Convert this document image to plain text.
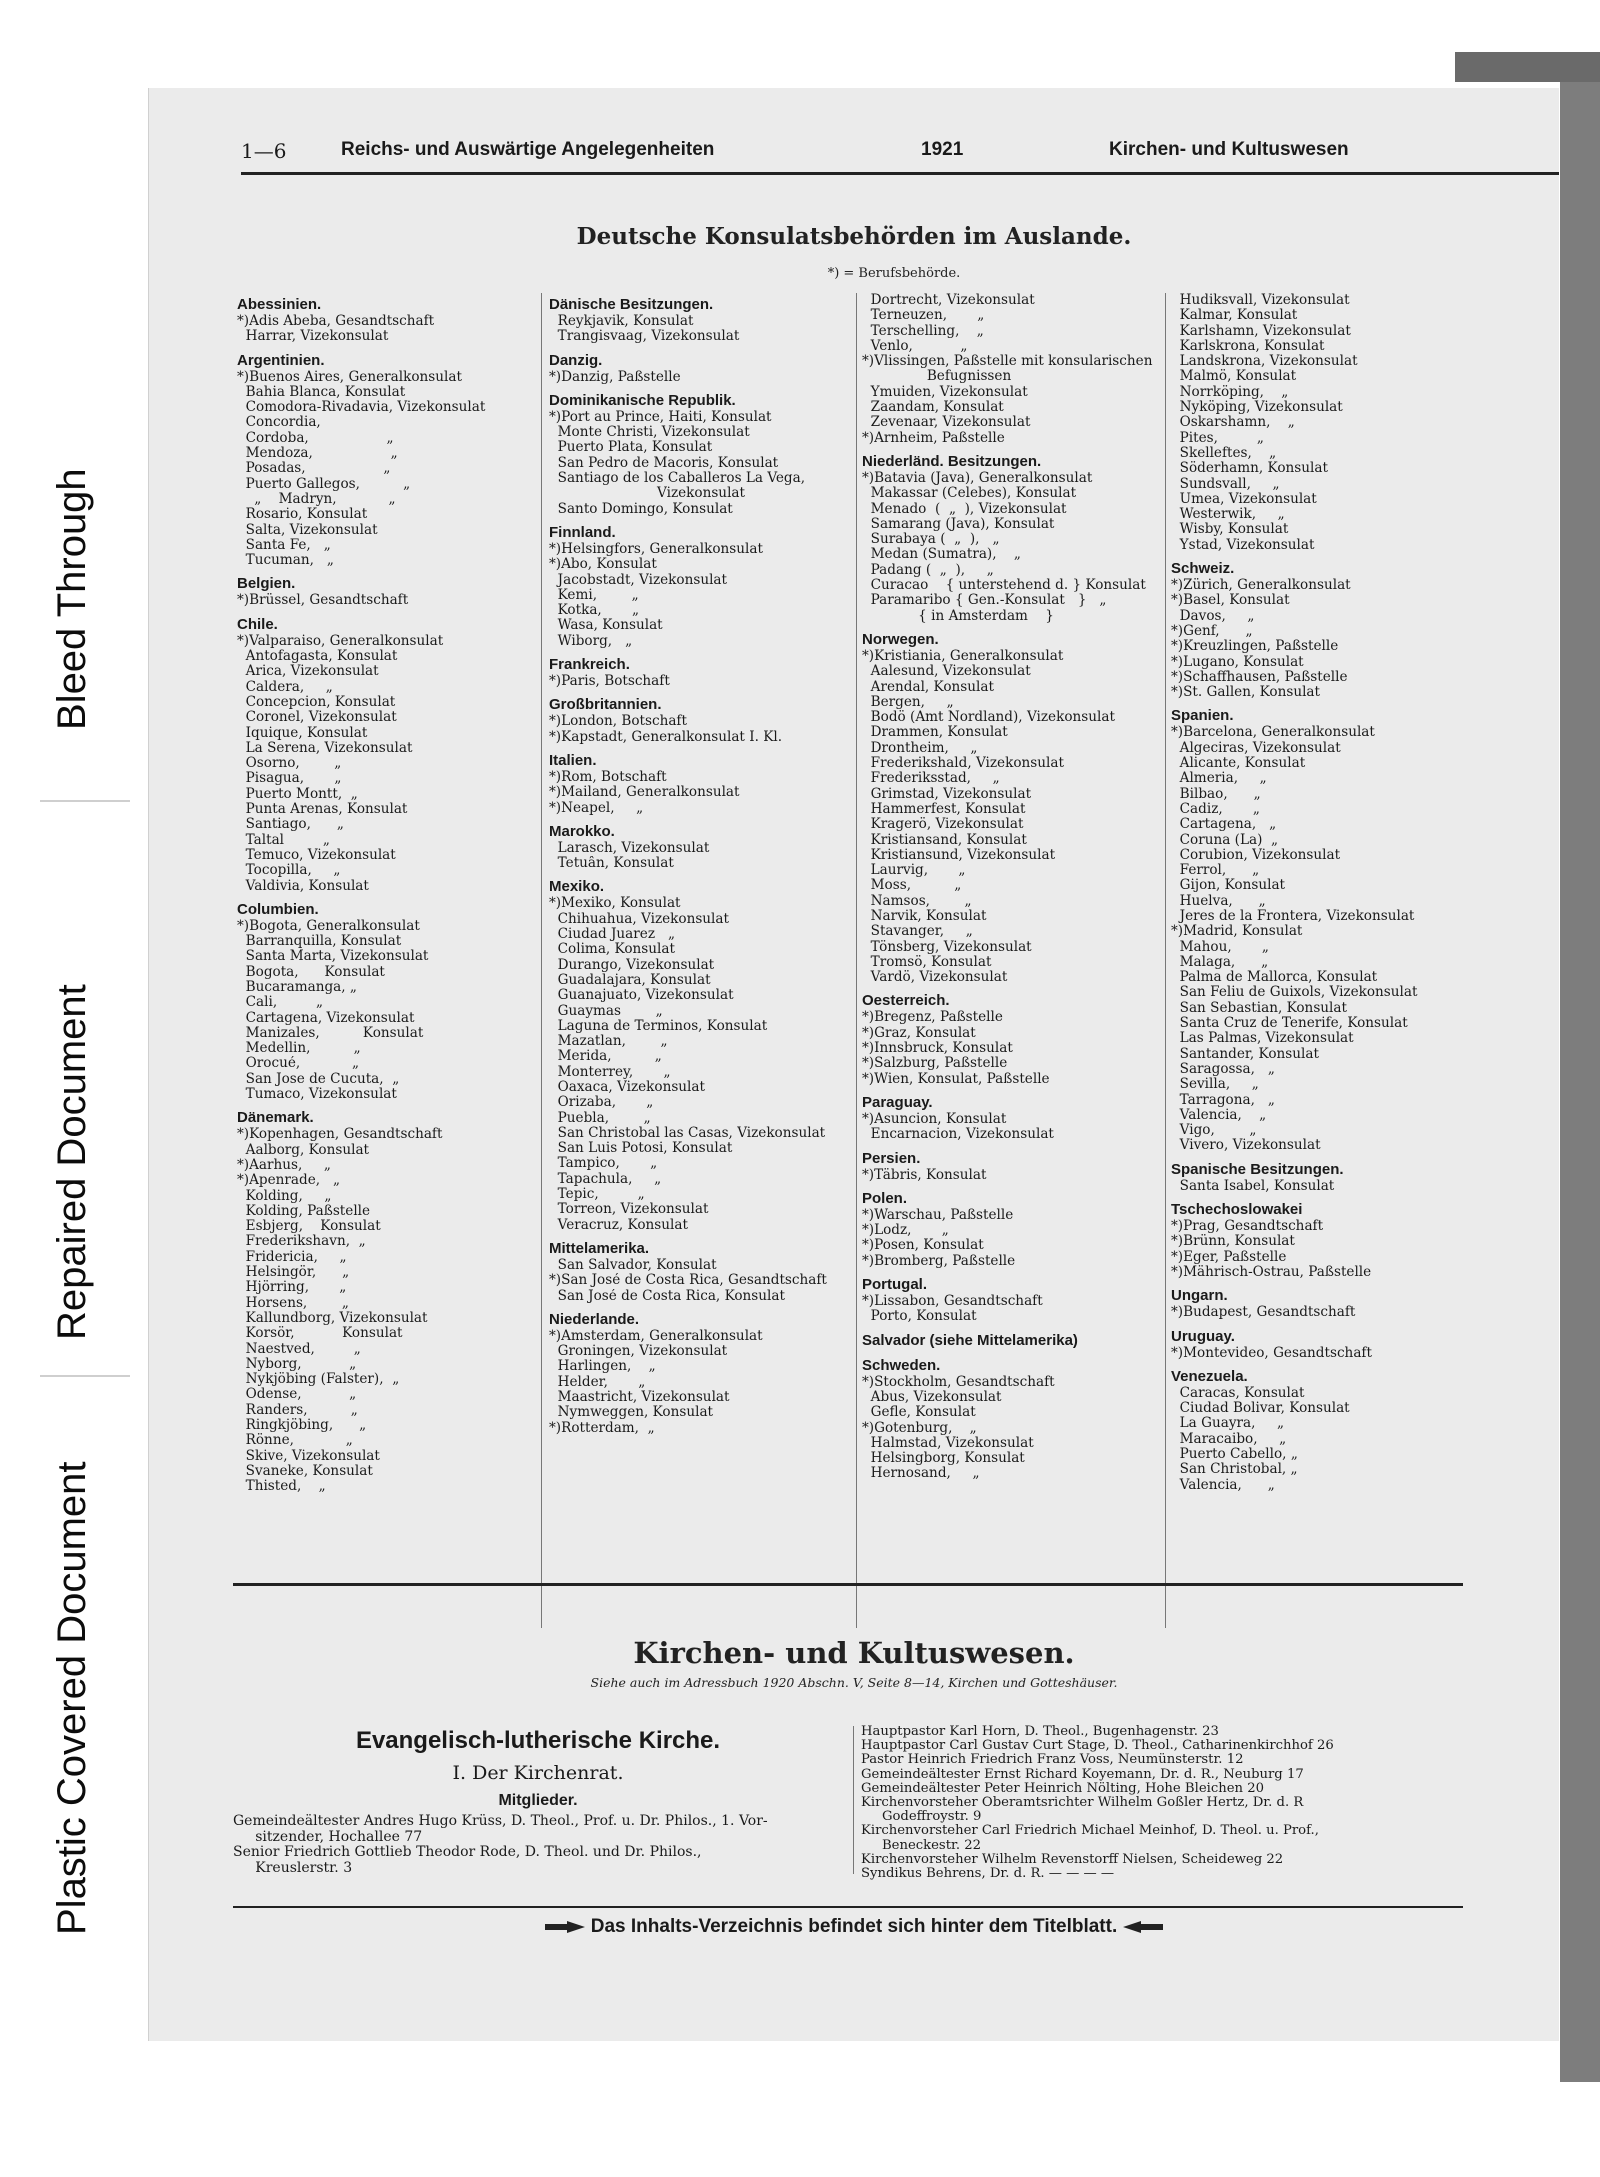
Bleed Through
Repaired Document
Plastic Covered Document
1—6	Reichs- und Auswärtige Angelegenheiten	1921	Kirchen- und Kultuswesen
Deutsche Konsulatsbehörden im Auslande.
*) = Berufsbehörde.
Abessinien.
*)Adis Abeba, Gesandtschaft
Harrar, Vizekonsulat
Argentinien.
*)Buenos Aires, Generalkonsulat
Bahia Blanca, Konsulat
Comodora-Rivadavia, Vizekonsulat
Concordia,
Cordoba,                  „
Mendoza,                  „
Posadas,                  „
Puerto Gallegos,          „
„    Madryn,            „
Rosario, Konsulat
Salta, Vizekonsulat
Santa Fe,   „
Tucuman,   „
Belgien.
*)Brüssel, Gesandtschaft
Chile.
*)Valparaiso, Generalkonsulat
Antofagasta, Konsulat
Arica, Vizekonsulat
Caldera,     „
Concepcion, Konsulat
Coronel, Vizekonsulat
Iquique, Konsulat
La Serena, Vizekonsulat
Osorno,        „
Pisagua,       „
Puerto Montt,  „
Punta Arenas, Konsulat
Santiago,      „
Taltal         „
Temuco, Vizekonsulat
Tocopilla,     „
Valdivia, Konsulat
Columbien.
*)Bogota, Generalkonsulat
Barranquilla, Konsulat
Santa Marta, Vizekonsulat
Bogota,      Konsulat
Bucaramanga, „
Cali,         „
Cartagena, Vizekonsulat
Manizales,          Konsulat
Medellin,          „
Orocué,            „
San Jose de Cucuta,  „
Tumaco, Vizekonsulat
Dänemark.
*)Kopenhagen, Gesandtschaft
Aalborg, Konsulat
*)Aarhus,     „
*)Apenrade,   „
Kolding,     „
Kolding, Paßstelle
Esbjerg,    Konsulat
Frederikshavn,  „
Fridericia,     „
Helsingör,      „
Hjörring,       „
Horsens,        „
Kallundborg, Vizekonsulat
Korsör,           Konsulat
Naestved,         „
Nyborg,           „
Nykjöbing (Falster),  „
Odense,           „
Randers,          „
Ringkjöbing,      „
Rönne,            „
Skive, Vizekonsulat
Svaneke, Konsulat
Thisted,    „
Dänische Besitzungen.
Reykjavik, Konsulat
Trangisvaag, Vizekonsulat
Danzig.
*)Danzig, Paßstelle
Dominikanische Republik.
*)Port au Prince, Haiti, Konsulat
Monte Christi, Vizekonsulat
Puerto Plata, Konsulat
San Pedro de Macoris, Konsulat
Santiago de los Caballeros La Vega,
Vizekonsulat
Santo Domingo, Konsulat
Finnland.
*)Helsingfors, Generalkonsulat
*)Abo, Konsulat
Jacobstadt, Vizekonsulat
Kemi,        „
Kotka,       „
Wasa, Konsulat
Wiborg,   „
Frankreich.
*)Paris, Botschaft
Großbritannien.
*)London, Botschaft
*)Kapstadt, Generalkonsulat I. Kl.
Italien.
*)Rom, Botschaft
*)Mailand, Generalkonsulat
*)Neapel,     „
Marokko.
Larasch, Vizekonsulat
Tetuân, Konsulat
Mexiko.
*)Mexiko, Konsulat
Chihuahua, Vizekonsulat
Ciudad Juarez   „
Colima, Konsulat
Durango, Vizekonsulat
Guadalajara, Konsulat
Guanajuato, Vizekonsulat
Guaymas        „
Laguna de Terminos, Konsulat
Mazatlan,        „
Merida,          „
Monterrey,       „
Oaxaca, Vizekonsulat
Orizaba,       „
Puebla,        „
San Christobal las Casas, Vizekonsulat
San Luis Potosi, Konsulat
Tampico,       „
Tapachula,     „
Tepic,         „
Torreon, Vizekonsulat
Veracruz, Konsulat
Mittelamerika.
San Salvador, Konsulat
*)San José de Costa Rica, Gesandtschaft
San José de Costa Rica, Konsulat
Niederlande.
*)Amsterdam, Generalkonsulat
Groningen, Vizekonsulat
Harlingen,    „
Helder,       „
Maastricht, Vizekonsulat
Nymweggen, Konsulat
*)Rotterdam,  „
Dortrecht, Vizekonsulat
Terneuzen,       „
Terschelling,    „
Venlo,           „
*)Vlissingen, Paßstelle mit konsularischen
Befugnissen
Ymuiden, Vizekonsulat
Zaandam, Konsulat
Zevenaar, Vizekonsulat
*)Arnheim, Paßstelle
Niederländ. Besitzungen.
*)Batavia (Java), Generalkonsulat
Makassar (Celebes), Konsulat
Menado  (  „  ), Vizekonsulat
Samarang (Java), Konsulat
Surabaya (  „  ),   „
Medan (Sumatra),    „
Padang (  „  ),     „
Curacao    { unterstehend d. } Konsulat
Paramaribo { Gen.-Konsulat   }   „
{ in Amsterdam    }
Norwegen.
*)Kristiania, Generalkonsulat
Aalesund, Vizekonsulat
Arendal, Konsulat
Bergen,     „
Bodö (Amt Nordland), Vizekonsulat
Drammen, Konsulat
Drontheim,     „
Frederikshald, Vizekonsulat
Frederiksstad,     „
Grimstad, Vizekonsulat
Hammerfest, Konsulat
Kragerö, Vizekonsulat
Kristiansand, Konsulat
Kristiansund, Vizekonsulat
Laurvig,       „
Moss,          „
Namsos,        „
Narvik, Konsulat
Stavanger,     „
Tönsberg, Vizekonsulat
Tromsö, Konsulat
Vardö, Vizekonsulat
Oesterreich.
*)Bregenz, Paßstelle
*)Graz, Konsulat
*)Innsbruck, Konsulat
*)Salzburg, Paßstelle
*)Wien, Konsulat, Paßstelle
Paraguay.
*)Asuncion, Konsulat
Encarnacion, Vizekonsulat
Persien.
*)Täbris, Konsulat
Polen.
*)Warschau, Paßstelle
*)Lodz,       „
*)Posen, Konsulat
*)Bromberg, Paßstelle
Portugal.
*)Lissabon, Gesandtschaft
Porto, Konsulat
Salvador (siehe Mittelamerika)
Schweden.
*)Stockholm, Gesandtschaft
Abus, Vizekonsulat
Gefle, Konsulat
*)Gotenburg,    „
Halmstad, Vizekonsulat
Helsingborg, Konsulat
Hernosand,     „
Hudiksvall, Vizekonsulat
Kalmar, Konsulat
Karlshamn, Vizekonsulat
Karlskrona, Konsulat
Landskrona, Vizekonsulat
Malmö, Konsulat
Norrköping,    „
Nyköping, Vizekonsulat
Oskarshamn,    „
Pites,         „
Skelleftes,    „
Söderhamn, Konsulat
Sundsvall,     „
Umea, Vizekonsulat
Westerwik,     „
Wisby, Konsulat
Ystad, Vizekonsulat
Schweiz.
*)Zürich, Generalkonsulat
*)Basel, Konsulat
Davos,     „
*)Genf,      „
*)Kreuzlingen, Paßstelle
*)Lugano, Konsulat
*)Schaffhausen, Paßstelle
*)St. Gallen, Konsulat
Spanien.
*)Barcelona, Generalkonsulat
Algeciras, Vizekonsulat
Alicante, Konsulat
Almeria,     „
Bilbao,      „
Cadiz,       „
Cartagena,   „
Coruna (La)  „
Corubion, Vizekonsulat
Ferrol,      „
Gijon, Konsulat
Huelva,      „
Jeres de la Frontera, Vizekonsulat
*)Madrid, Konsulat
Mahou,       „
Malaga,      „
Palma de Mallorca, Konsulat
San Feliu de Guixols, Vizekonsulat
San Sebastian, Konsulat
Santa Cruz de Tenerife, Konsulat
Las Palmas, Vizekonsulat
Santander, Konsulat
Saragossa,   „
Sevilla,     „
Tarragona,   „
Valencia,    „
Vigo,        „
Vivero, Vizekonsulat
Spanische Besitzungen.
Santa Isabel, Konsulat
Tschechoslowakei
*)Prag, Gesandtschaft
*)Brünn, Konsulat
*)Eger, Paßstelle
*)Mährisch-Ostrau, Paßstelle
Ungarn.
*)Budapest, Gesandtschaft
Uruguay.
*)Montevideo, Gesandtschaft
Venezuela.
Caracas, Konsulat
Ciudad Bolivar, Konsulat
La Guayra,     „
Maracaibo,     „
Puerto Cabello, „
San Christobal, „
Valencia,      „
Kirchen- und Kultuswesen.
Siehe auch im Adressbuch 1920 Abschn. V, Seite 8—14, Kirchen und Gotteshäuser.
Evangelisch-lutherische Kirche.
I. Der Kirchenrat.
Mitglieder.
Gemeindeältester Andres Hugo Krüss, D. Theol., Prof. u. Dr. Philos., 1. Vor-
sitzender, Hochallee 77
Senior Friedrich Gottlieb Theodor Rode, D. Theol. und Dr. Philos.,
Kreuslerstr. 3
Hauptpastor Karl Horn, D. Theol., Bugenhagenstr. 23
Hauptpastor Carl Gustav Curt Stage, D. Theol., Catharinenkirchhof 26
Pastor Heinrich Friedrich Franz Voss, Neumünsterstr. 12
Gemeindeältester Ernst Richard Koyemann, Dr. d. R., Neuburg 17
Gemeindeältester Peter Heinrich Nölting, Hohe Bleichen 20
Kirchenvorsteher Oberamtsrichter Wilhelm Goßler Hertz, Dr. d. R
Godeffroystr. 9
Kirchenvorsteher Carl Friedrich Michael Meinhof, D. Theol. u. Prof.,
Beneckestr. 22
Kirchenvorsteher Wilhelm Revenstorff Nielsen, Scheideweg 22
Syndikus Behrens, Dr. d. R. — — — —
Das Inhalts-Verzeichnis befindet sich hinter dem Titelblatt.
